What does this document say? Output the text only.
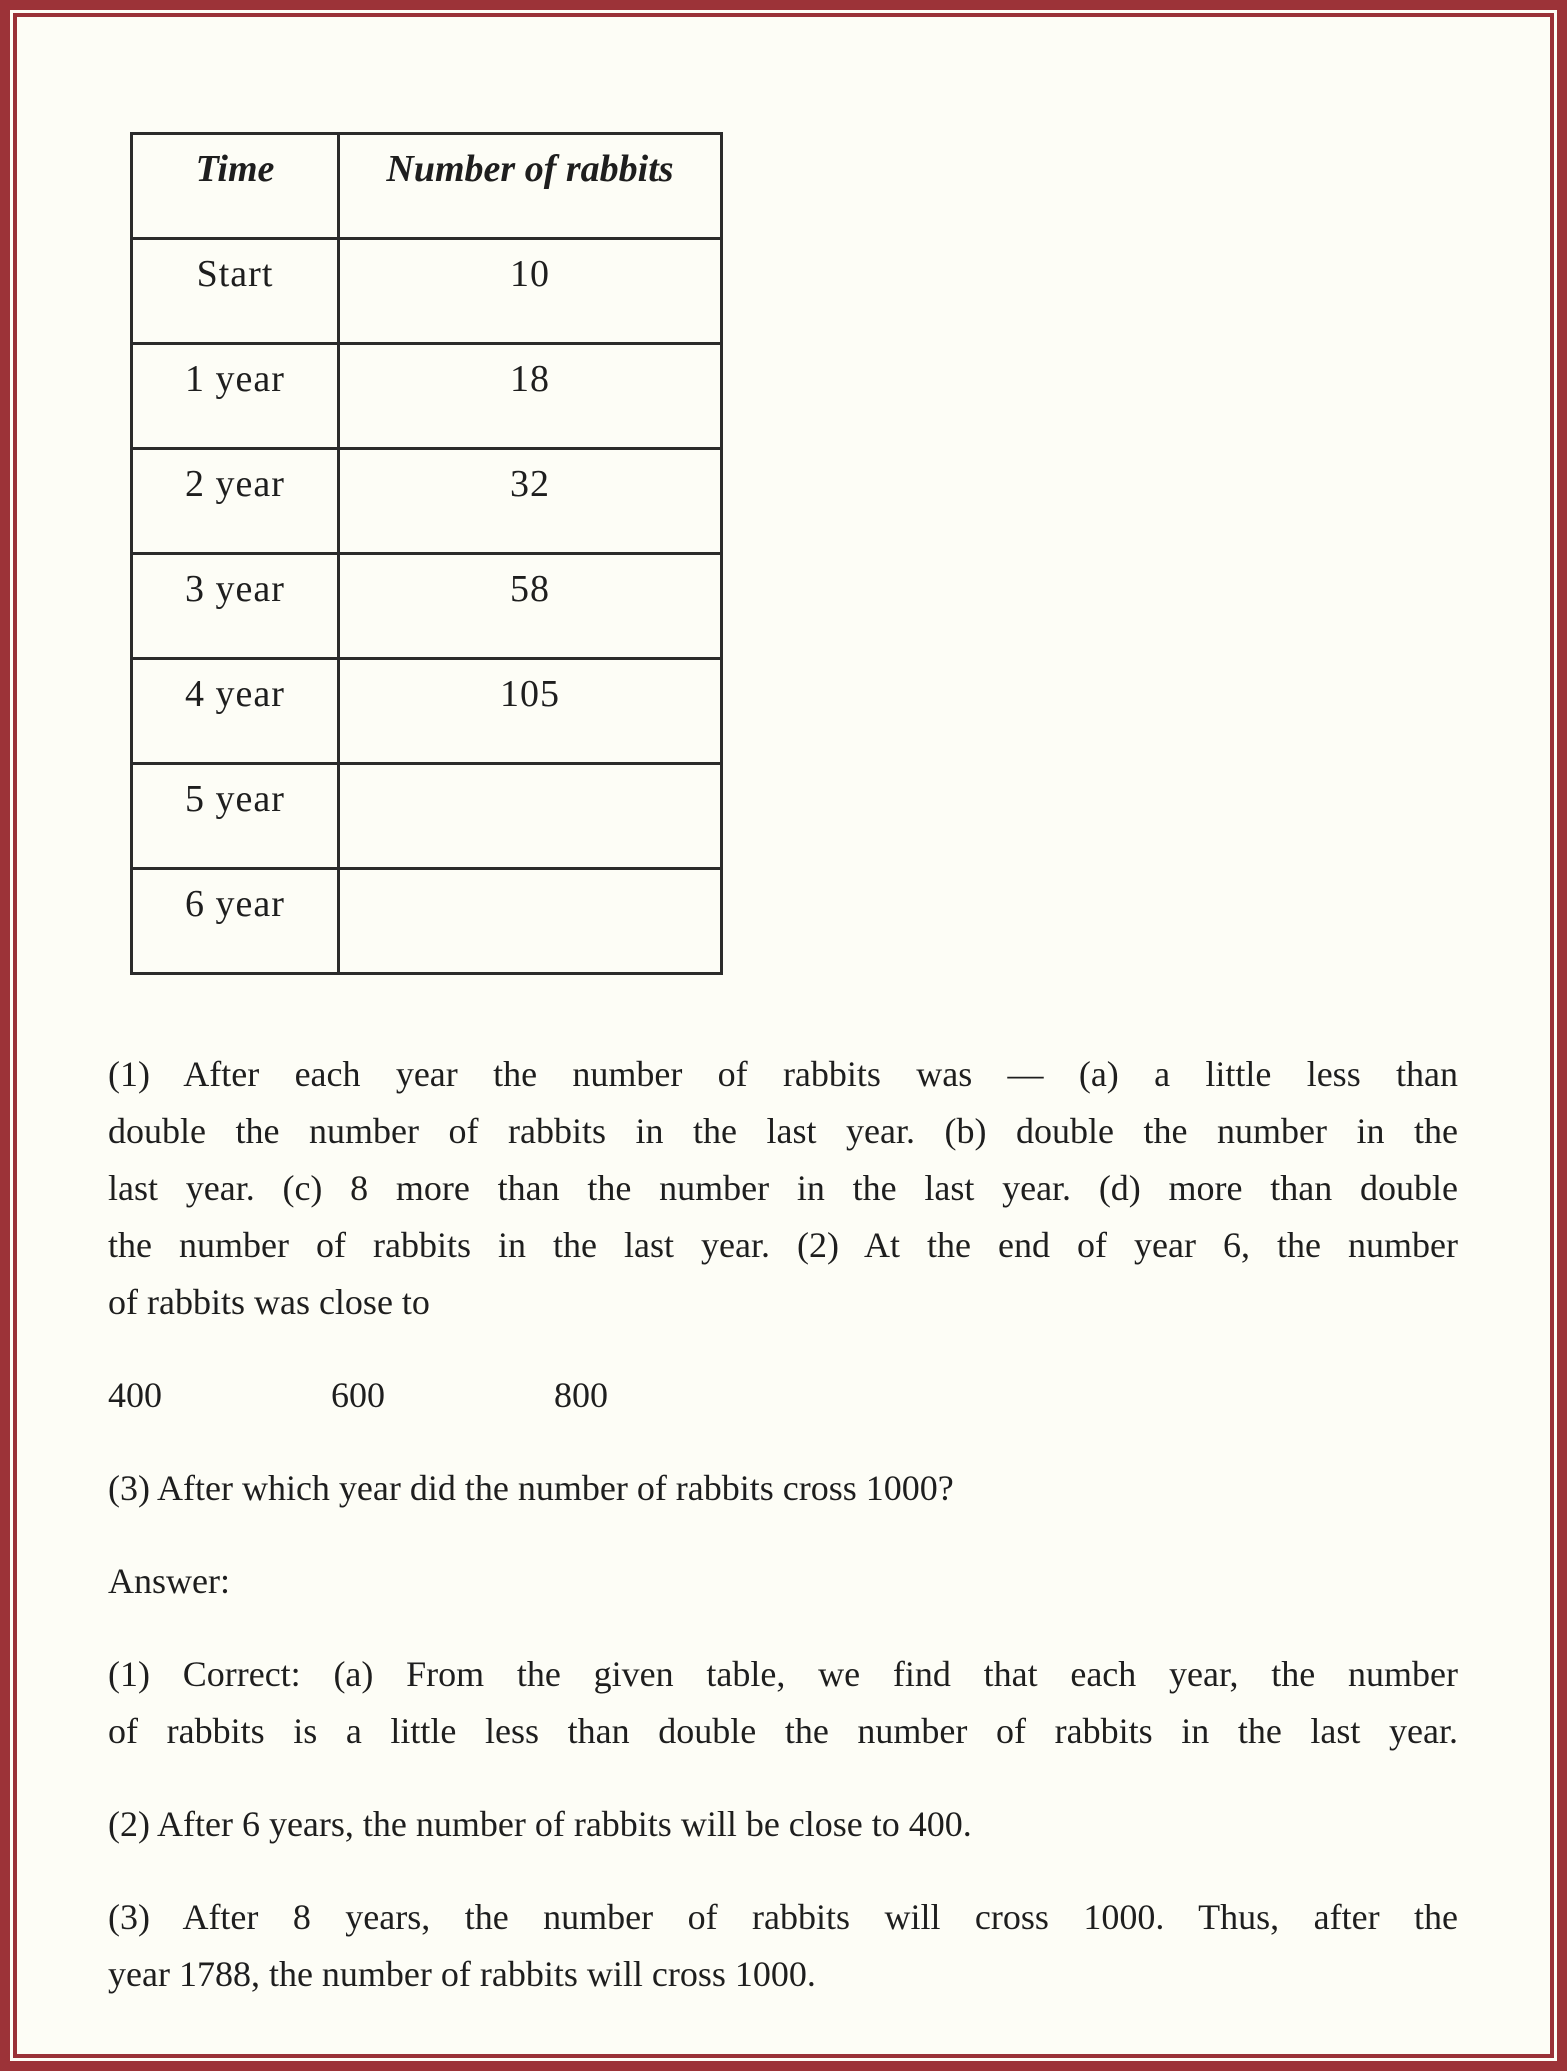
Time	Number of rabbits
Start	10
1 year	18
2 year	32
3 year	58
4 year	105
5 year	
6 year	
(1) After each year the number of rabbits was — (a) a little less than
double the number of rabbits in the last year. (b) double the number in the
last year. (c) 8 more than the number in the last year. (d) more than double
the number of rabbits in the last year. (2) At the end of year 6, the number
of rabbits was close to
400	600	800
(3) After which year did the number of rabbits cross 1000?
Answer:
(1) Correct: (a) From the given table, we find that each year, the number
of rabbits is a little less than double the number of rabbits in the last year.
(2) After 6 years, the number of rabbits will be close to 400.
(3) After 8 years, the number of rabbits will cross 1000. Thus, after the
year 1788, the number of rabbits will cross 1000.
